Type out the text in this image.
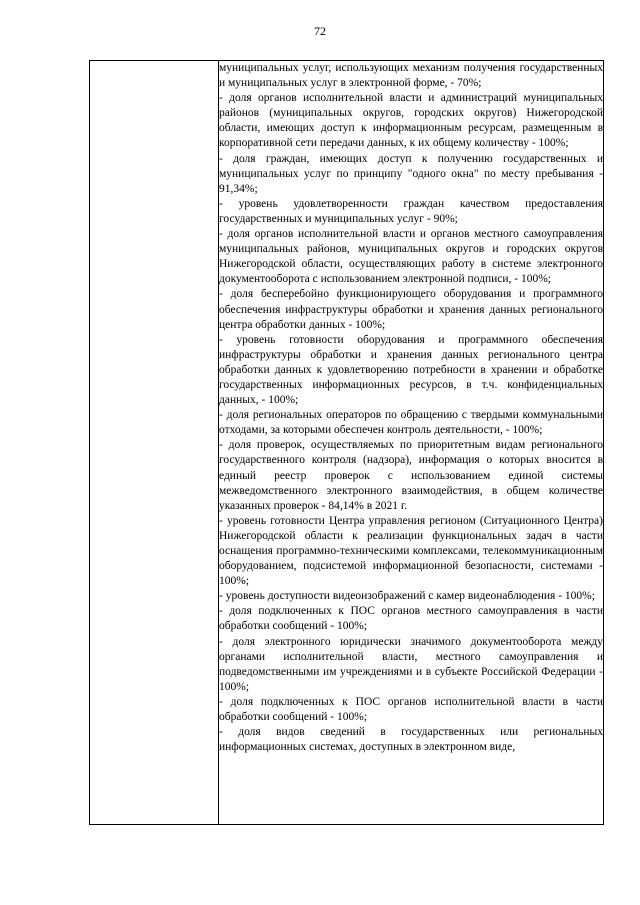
72

муниципальных услуг, использующих механизм получения государственных и муниципальных услуг в электронной форме, - 70%;

- доля органов исполнительной власти и администраций муниципальных районов (муниципальных округов, городских округов) Нижегородской области, имеющих доступ к информационным ресурсам, размещенным в корпоративной сети передачи данных, к их общему количеству - 100%;

- доля граждан, имеющих доступ к получению государственных и муниципальных услуг по принципу "одного окна" по месту пребывания - 91,34%;

- уровень удовлетворенности граждан качеством предоставления государственных и муниципальных услуг - 90%;

- доля органов исполнительной власти и органов местного самоуправления муниципальных районов, муниципальных округов и городских округов Нижегородской области, осуществляющих работу в системе электронного документооборота с использованием электронной подписи, - 100%;

- доля бесперебойно функционирующего оборудования и программного обеспечения инфраструктуры обработки и хранения данных регионального центра обработки данных - 100%;

- уровень готовности оборудования и программного обеспечения инфраструктуры обработки и хранения данных регионального центра обработки данных к удовлетворению потребности в хранении и обработке государственных информационных ресурсов, в т.ч. конфиденциальных данных, - 100%;

- доля региональных операторов по обращению с твердыми коммунальными отходами, за которыми обеспечен контроль деятельности, - 100%;

- доля проверок, осуществляемых по приоритетным видам регионального государственного контроля (надзора), информация о которых вносится в единый реестр проверок с использованием единой системы межведомственного электронного взаимодействия, в общем количестве указанных проверок - 84,14% в 2021 г.

- уровень готовности Центра управления регионом (Ситуационного Центра) Нижегородской области к реализации функциональных задач в части оснащения программно-техническими комплексами, телекоммуникационным оборудованием, подсистемой информационной безопасности, системами - 100%;

- уровень доступности видеоизображений с камер видеонаблюдения - 100%;

- доля подключенных к ПОС органов местного самоуправления в части обработки сообщений - 100%;

- доля электронного юридически значимого документооборота между органами исполнительной власти, местного самоуправления и подведомственными им учреждениями и в субъекте Российской Федерации - 100%;

- доля подключенных к ПОС органов исполнительной власти в части обработки сообщений - 100%;

- доля видов сведений в государственных или региональных информационных системах, доступных в электронном виде,
